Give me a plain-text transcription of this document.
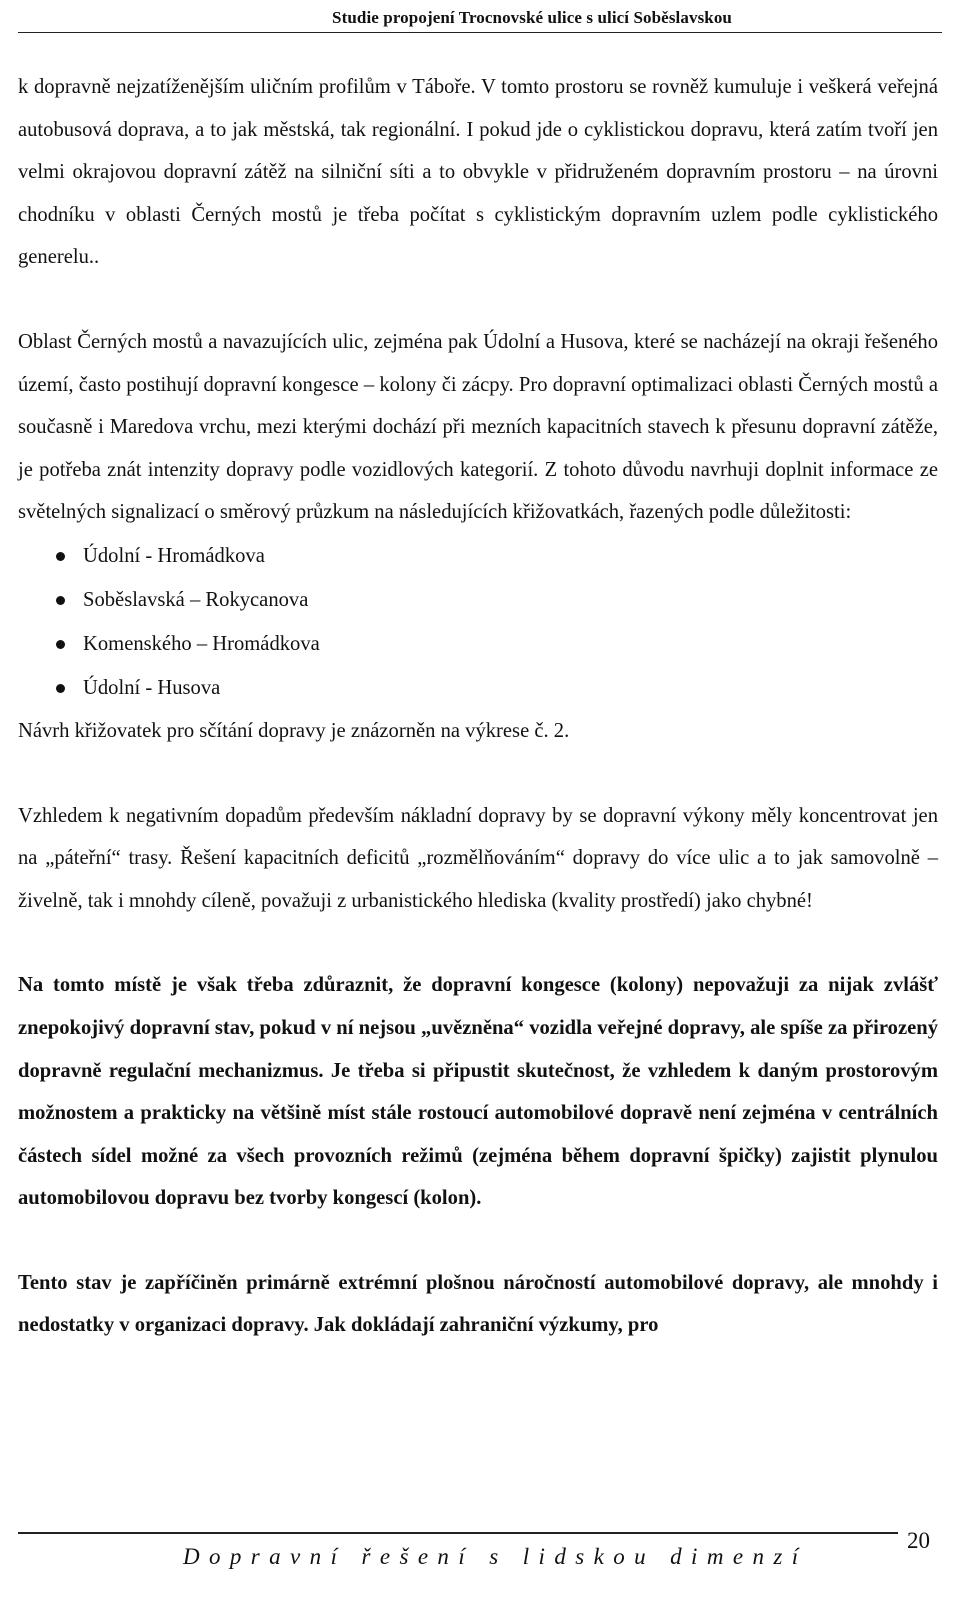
Studie propojení Trocnovské ulice s ulicí Soběslavskou

k dopravně nejzatíženějším uličním profilům v Táboře. V tomto prostoru se rovněž kumuluje i veškerá veřejná autobusová doprava, a to jak městská, tak regionální. I pokud jde o cyklistickou dopravu, která zatím tvoří jen velmi okrajovou dopravní zátěž na silniční síti a to obvykle v přidruženém dopravním prostoru – na úrovni chodníku v oblasti Černých mostů je třeba počítat s cyklistickým dopravním uzlem podle cyklistického generelu..

Oblast Černých mostů a navazujících ulic, zejména pak Údolní a Husova, které se nacházejí na okraji řešeného území, často postihují dopravní kongesce – kolony či zácpy. Pro dopravní optimalizaci oblasti Černých mostů a současně i Maredova vrchu, mezi kterými dochází při mezních kapacitních stavech k přesunu dopravní zátěže, je potřeba znát intenzity dopravy podle vozidlových kategorií. Z tohoto důvodu navrhuji doplnit informace ze světelných signalizací o směrový průzkum na následujících křižovatkách, řazených podle důležitosti:

Údolní - Hromádkova
Soběslavská – Rokycanova
Komenského – Hromádkova
Údolní - Husova

Návrh křižovatek pro sčítání dopravy je znázorněn na výkrese č. 2.

Vzhledem k negativním dopadům především nákladní dopravy by se dopravní výkony měly koncentrovat jen na „páteřní“ trasy. Řešení kapacitních deficitů „rozmělňováním“ dopravy do více ulic a to jak samovolně – živelně, tak i mnohdy cíleně, považuji z urbanistického hlediska (kvality prostředí) jako chybné!

Na tomto místě je však třeba zdůraznit, že dopravní kongesce (kolony) nepovažuji za nijak zvlášť znepokojivý dopravní stav, pokud v ní nejsou „uvězněna“ vozidla veřejné dopravy, ale spíše za přirozený dopravně regulační mechanizmus. Je třeba si připustit skutečnost, že vzhledem k daným prostorovým možnostem a prakticky na většině míst stále rostoucí automobilové dopravě není zejména v centrálních částech sídel možné za všech provozních režimů (zejména během dopravní špičky) zajistit plynulou automobilovou dopravu bez tvorby kongescí (kolon).

Tento stav je zapříčiněn primárně extrémní plošnou náročností automobilové dopravy, ale mnohdy i nedostatky v organizaci dopravy. Jak dokládají zahraniční výzkumy, pro

Dopravní řešení s lidskou dimenzí
20
